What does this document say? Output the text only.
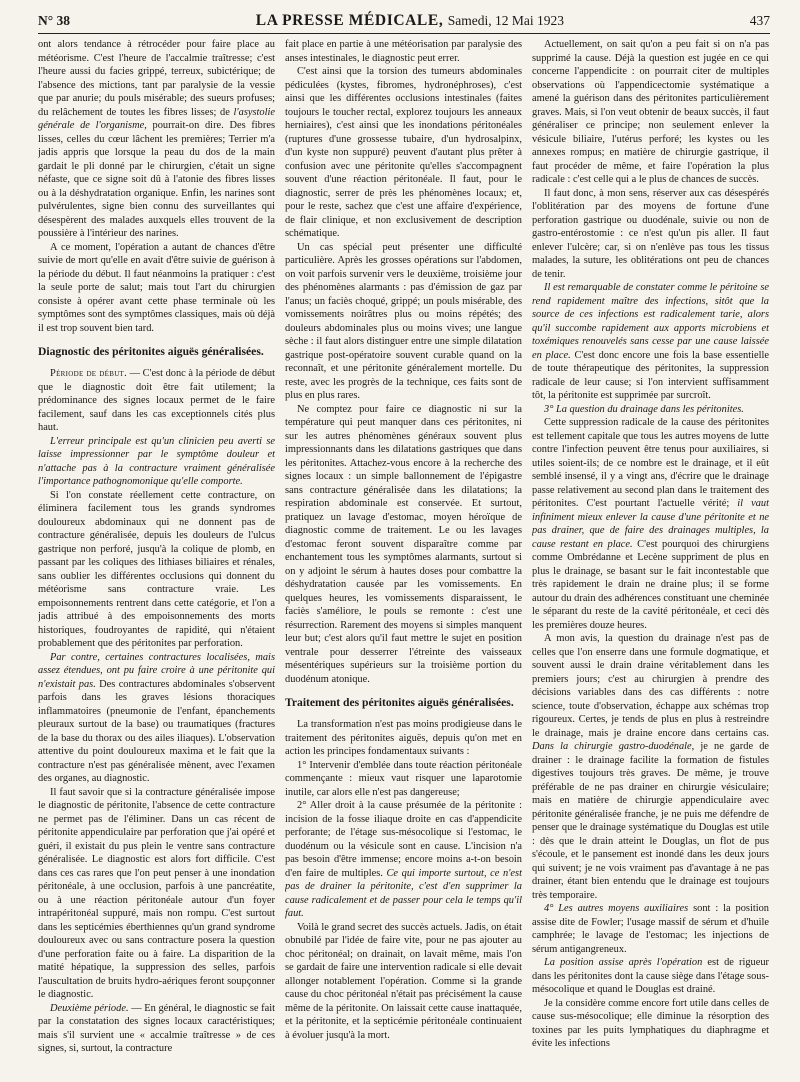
N° 38	LA PRESSE MÉDICALE, Samedi, 12 Mai 1923	437

ont alors tendance à rétrocéder pour faire place au météorisme. C'est l'heure de l'accalmie traîtresse; c'est l'heure aussi du facies grippé, terreux, subictérique; de l'absence des mictions, tant par paralysie de la vessie que par anurie; du pouls misérable; des sueurs profuses; du relâchement de toutes les fibres lisses; de l'asystolie générale de l'organisme, pourrait-on dire. Des fibres lisses, celles du cœur lâchent les premières; Terrier m'a jadis appris que lorsque la peau du dos de la main gardait le pli donné par le chirurgien, c'était un signe néfaste, que ce signe soit dû à l'atonie des fibres lisses ou à la déshydratation organique. Enfin, les narines sont pulvérulentes, signe bien connu des surveillantes qui désespèrent des malades auxquels elles trouvent de la poussière à l'intérieur des narines.

A ce moment, l'opération a autant de chances d'être suivie de mort qu'elle en avait d'être suivie de guérison à la période du début. Il faut néanmoins la pratiquer : c'est la seule porte de salut; mais tout l'art du chirurgien consiste à opérer avant cette phase terminale où les symptômes sont des symptômes classiques, mais où déjà il est trop souvent bien tard.

Diagnostic des péritonites aiguës généralisées.

Période de début. — C'est donc à la période de début que le diagnostic doit être fait utilement; la prédominance des signes locaux permet de le faire facilement, sauf dans les cas exceptionnels cités plus haut.

L'erreur principale est qu'un clinicien peu averti se laisse impressionner par le symptôme douleur et n'attache pas à la contracture vraiment généralisée l'importance pathognomonique qu'elle comporte.

Si l'on constate réellement cette contracture, on éliminera facilement tous les grands syndromes douloureux abdominaux qui ne donnent pas de contracture généralisée, depuis les douleurs de l'ulcus gastrique non perforé, jusqu'à la colique de plomb, en passant par les coliques des lithiases biliaires et rénales, sans oublier les différentes occlusions qui donnent du météorisme sans contracture vraie. Les empoisonnements rentrent dans cette catégorie, et l'on a jadis attribué à des empoisonnements des morts historiques, foudroyantes de rapidité, qui n'étaient probablement que des péritonites par perforation.

Par contre, certaines contractures localisées, mais assez étendues, ont pu faire croire à une péritonite qui n'existait pas. Des contractures abdominales s'observent parfois dans les graves lésions thoraciques inflammatoires (pneumonie de l'enfant, épanchements pleuraux surtout de la base) ou traumatiques (fractures de la base du thorax ou des ailes iliaques). L'observation attentive du point douloureux maxima et le fait que la contracture n'est pas généralisée mènent, avec l'examen des organes, au diagnostic.

Il faut savoir que si la contracture généralisée impose le diagnostic de péritonite, l'absence de cette contracture ne permet pas de l'éliminer. Dans un cas récent de péritonite appendiculaire par perforation que j'ai opéré et guéri, il existait du pus plein le ventre sans contracture généralisée. Le diagnostic est alors fort difficile. C'est dans ces cas rares que l'on peut penser à une inondation péritonéale, à une occlusion, parfois à une pancréatite, ou à une réaction péritonéale autour d'un foyer intrapéritonéal suppuré, mais non rompu. C'est surtout dans les septicémies éberthiennes qu'un grand syndrome douloureux avec ou sans contracture posera la question d'une perforation faite ou à faire. La disparition de la matité hépatique, la suppression des selles, parfois l'auscultation de bruits hydro-aériques feront soupçonner le diagnostic.

Deuxième période. — En général, le diagnostic se fait par la constatation des signes locaux caractéristiques; mais s'il survient une « accalmie traîtresse » de ces signes, si, surtout, la contracture

fait place en partie à une météorisation par paralysie des anses intestinales, le diagnostic peut errer.

C'est ainsi que la torsion des tumeurs abdominales pédiculées (kystes, fibromes, hydronéphroses), c'est ainsi que les différentes occlusions intestinales (faites toujours le toucher rectal, explorez toujours les anneaux herniaires), c'est ainsi que les inondations péritonéales (ruptures d'une grossesse tubaire, d'un hydrosalpinx, d'un kyste non suppuré) peuvent d'autant plus prêter à confusion avec une péritonite qu'elles s'accompagnent souvent d'une réaction péritonéale. Il faut, pour le diagnostic, serrer de près les phénomènes locaux; et, pour le reste, sachez que c'est une affaire d'expérience, de flair clinique, et non exclusivement de description schématique.

Un cas spécial peut présenter une difficulté particulière. Après les grosses opérations sur l'abdomen, on voit parfois survenir vers le deuxième, troisième jour des phénomènes alarmants : pas d'émission de gaz par l'anus; un faciès choqué, grippé; un pouls misérable, des vomissements noirâtres plus ou moins répétés; des douleurs abdominales plus ou moins vives; une langue sèche : il faut alors distinguer entre une simple dilatation gastrique post-opératoire souvent curable quand on la reconnaît, et une péritonite généralement mortelle. Du reste, avec les progrès de la technique, ces faits sont de plus en plus rares.

Ne comptez pour faire ce diagnostic ni sur la température qui peut manquer dans ces péritonites, ni sur les autres phénomènes généraux souvent plus impressionnants dans les dilatations gastriques que dans les péritonites. Attachez-vous encore à la recherche des signes locaux : un simple ballonnement de l'épigastre sans contracture généralisée dans les dilatations; la respiration abdominale est conservée. Et surtout, pratiquez un lavage d'estomac, moyen héroïque de diagnostic comme de traitement. Le ou les lavages d'estomac feront souvent disparaître comme par enchantement tous les symptômes alarmants, surtout si on y adjoint le sérum à hautes doses pour combattre la déshydratation causée par les vomissements. En quelques heures, les vomissements disparaissent, le faciès s'améliore, le pouls se remonte : c'est une résurrection. Rarement des moyens si simples manquent leur but; c'est alors qu'il faut mettre le sujet en position ventrale pour desserrer l'étreinte des vaisseaux mésentériques supérieurs sur la troisième portion du duodénum atonique.

Traitement des péritonites aiguës généralisées.

La transformation n'est pas moins prodigieuse dans le traitement des péritonites aiguës, depuis qu'on met en action les principes fondamentaux suivants :

1° Intervenir d'emblée dans toute réaction péritonéale commençante : mieux vaut risquer une laparotomie inutile, car alors elle n'est pas dangereuse;

2° Aller droit à la cause présumée de la péritonite : incision de la fosse iliaque droite en cas d'appendicite perforante; de l'étage sus-mésocolique si l'estomac, le duodénum ou la vésicule sont en cause. L'incision n'a pas besoin d'être immense; encore moins a-t-on besoin d'en faire de multiples. Ce qui importe surtout, ce n'est pas de drainer la péritonite, c'est d'en supprimer la cause radicalement et de passer pour cela le temps qu'il faut.

Voilà le grand secret des succès actuels. Jadis, on était obnubilé par l'idée de faire vite, pour ne pas ajouter au choc péritonéal; on drainait, on lavait même, mais l'on se gardait de faire une intervention radicale si elle devait allonger notablement l'opération. Comme si la grande cause du choc péritonéal n'était pas précisément la cause même de la péritonite. On laissait cette cause inattaquée, et la péritonite, et la septicémie péritonéale continuaient à évoluer jusqu'à la mort.

Actuellement, on sait qu'on a peu fait si on n'a pas supprimé la cause. Déjà la question est jugée en ce qui concerne l'appendicite : on pourrait citer de multiples observations où l'appendicectomie systématique a amené la guérison dans des péritonites particulièrement graves. Mais, si l'on veut obtenir de beaux succès, il faut généraliser ce principe; non seulement enlever la vésicule biliaire, l'utérus perforé; les kystes ou les annexes rompus; en matière de chirurgie gastrique, il faut procéder de même, et faire l'opération la plus radicale : c'est celle qui a le plus de chances de succès.

Il faut donc, à mon sens, réserver aux cas désespérés l'oblitération par des moyens de fortune d'une perforation gastrique ou duodénale, suivie ou non de gastro-entérostomie : ce n'est qu'un pis aller. Il faut enlever l'ulcère; car, si on n'enlève pas tous les tissus malades, la suture, les oblitérations ont peu de chances de tenir.

Il est remarquable de constater comme le péritoine se rend rapidement maître des infections, sitôt que la source de ces infections est radicalement tarie, alors qu'il succombe rapidement aux apports microbiens et toxémiques renouvelés sans cesse par une cause laissée en place. C'est donc encore une fois la base essentielle de toute thérapeutique des péritonites, la suppression radicale de leur cause; si l'on intervient suffisamment tôt, la péritonite est supprimée par surcroît.

3° La question du drainage dans les péritonites.

Cette suppression radicale de la cause des péritonites est tellement capitale que tous les autres moyens de lutte contre l'infection peuvent être tenus pour auxiliaires, si utiles soient-ils; de ce nombre est le drainage, et il eût semblé insensé, il y a vingt ans, d'écrire que le drainage passe relativement au second plan dans le traitement des péritonites. C'est pourtant l'actuelle vérité; il vaut infiniment mieux enlever la cause d'une péritonite et ne pas drainer, que de faire des drainages multiples, la cause restant en place. C'est pourquoi des chirurgiens comme Ombrédanne et Lecène suppriment de plus en plus le drainage, se basant sur le fait incontestable que très rapidement le drain ne draine plus; il se forme autour du drain des adhérences constituant une cheminée le séparant du reste de la cavité péritonéale, et ceci dès les premières douze heures.

A mon avis, la question du drainage n'est pas de celles que l'on enserre dans une formule dogmatique, et souvent aussi le drain draine véritablement dans les premiers jours; c'est au chirurgien à prendre des décisions variables dans des cas différents : notre science, toute d'observation, échappe aux schémas trop rigoureux. Certes, je tends de plus en plus à restreindre le drainage, mais je draine encore dans certains cas. Dans la chirurgie gastro-duodénale, je ne garde de drainer : le drainage facilite la formation de fistules digestives toujours très graves. De même, je trouve préférable de ne pas drainer en chirurgie vésiculaire; mais en matière de chirurgie appendiculaire avec péritonite généralisée franche, je ne puis me défendre de penser que le drainage systématique du Douglas est utile : dès que le drain atteint le Douglas, un flot de pus s'écoule, et le pansement est inondé dans les deux jours qui suivent; je ne vois vraiment pas d'avantage à ne pas drainer, étant bien entendu que le drainage est toujours très temporaire.

4° Les autres moyens auxiliaires sont : la position assise dite de Fowler; l'usage massif de sérum et d'huile camphrée; le lavage de l'estomac; les injections de sérum antigangreneux.

La position assise après l'opération est de rigueur dans les péritonites dont la cause siège dans l'étage sous-mésocolique et quand le Douglas est drainé.

Je la considère comme encore fort utile dans celles de cause sus-mésocolique; elle diminue la résorption des toxines par les puits lymphatiques du diaphragme et évite les infections
